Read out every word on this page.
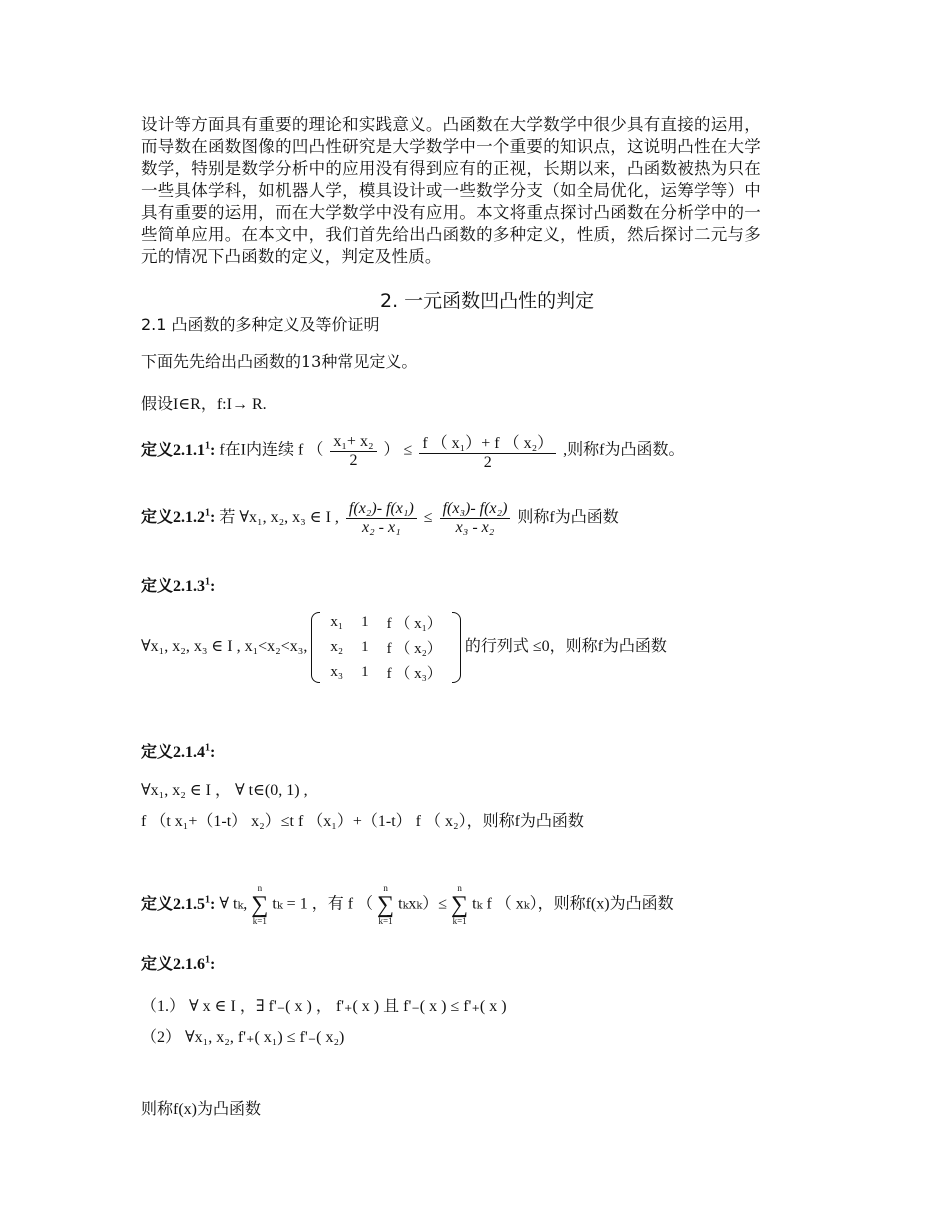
设计等方面具有重要的理论和实践意义。凸函数在大学数学中很少具有直接的运用，而导数在函数图像的凹凸性研究是大学数学中一个重要的知识点，这说明凸性在大学数学，特别是数学分析中的应用没有得到应有的正视，长期以来，凸函数被热为只在一些具体学科，如机器人学，模具设计或一些数学分支（如全局优化，运筹学等）中具有重要的运用，而在大学数学中没有应用。本文将重点探讨凸函数在分析学中的一些简单应用。在本文中，我们首先给出凸函数的多种定义，性质，然后探讨二元与多元的情况下凸函数的定义，判定及性质。
2. 一元函数凹凸性的判定
2.1 凸函数的多种定义及等价证明
下面先先给出凸函数的13种常见定义。
假设I∈R，f:I→ R.
定义2.1.1$^1$: f在I内连续 f （ $\frac{\text{x₁+ x₂}}{2}$ ） ≤ $\frac{\text{f （ x₁）+ f （ x₂）}}{2}$ ,则称f为凸函数。
定义2.1.2$^1$: 若 ∀x₁, x₂, x₃ ∈ I , $\frac{\text{f(x₂)- f(x₁)}}{\text{x₂ - x₁}} \le \frac{\text{f(x₃)- f(x₂)}}{\text{x₃ - x₂}}$ 则称f为凸函数
定义2.1.3$^1$:
∀x₁, x₂, x₃ ∈ I , x₁<x₂<x₃,
x₁	1	f （ x₁）
x₂	1	f （ x₂）
x₃	1	f （ x₃）
的行列式 ≤0，则称f为凸函数
定义2.1.4$^1$:
∀x₁, x₂ ∈ I ， ∀ t∈(0, 1) ,
f （t x₁+（1-t） x₂）≤t f （x₁）+（1-t） f （ x₂），则称f为凸函数
定义2.1.5$^1$: ∀ tₖ,
n
∑
k=1
tₖ = 1 ，有 f （
n
∑
k=1
tₖxₖ）≤
n
∑
k=1
tₖ f （ xₖ），则称f(x)为凸函数
定义2.1.6$^1$:
（1.） ∀ x ∈ I ，∃ f'₋( x ) ， f'₊( x ) 且 f'₋( x ) ≤ f'₊( x )
（2） ∀x₁, x₂, f'₊( x₁) ≤ f'₋( x₂)
则称f(x)为凸函数
